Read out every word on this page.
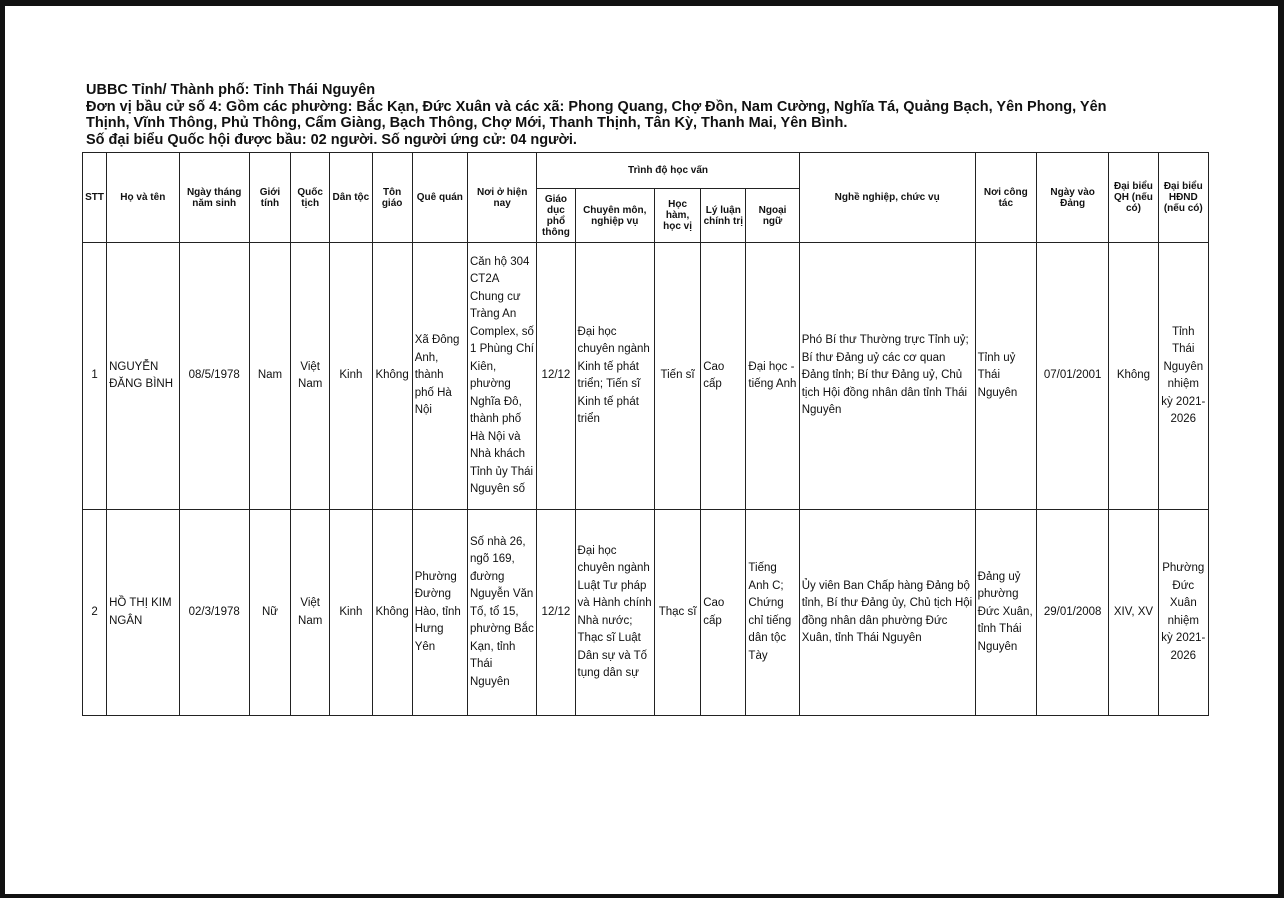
UBBC Tỉnh/ Thành phố: Tỉnh Thái Nguyên
Đơn vị bầu cử số 4: Gồm các phường: Bắc Kạn, Đức Xuân và các xã: Phong Quang, Chợ Đồn, Nam Cường, Nghĩa Tá, Quảng Bạch, Yên Phong, Yên
Thịnh, Vĩnh Thông, Phủ Thông, Cẩm Giàng, Bạch Thông, Chợ Mới, Thanh Thịnh, Tân Kỳ, Thanh Mai, Yên Bình.
Số đại biểu Quốc hội được bầu: 02 người. Số người ứng cử: 04 người.
STT	Họ và tên	Ngày tháng năm sinh	Giới tính	Quốc tịch	Dân tộc	Tôn giáo	Quê quán	Nơi ở hiện nay	Trình độ học vấn					Nghề nghiệp, chức vụ	Nơi công tác	Ngày vào Đảng	Đại biểu QH (nếu có)	Đại biểu HĐND (nếu có)
									Giáo dục phổ thông	Chuyên môn, nghiệp vụ	Học hàm, học vị	Lý luận chính trị	Ngoại ngữ					
1	NGUYỄN ĐĂNG BÌNH	08/5/1978	Nam	Việt Nam	Kinh	Không	Xã Đông Anh, thành phố Hà Nội	Căn hộ 304 CT2A Chung cư Tràng An Complex, số 1 Phùng Chí Kiên, phường Nghĩa Đô, thành phố Hà Nội và Nhà khách Tỉnh ủy Thái Nguyên số	12/12	Đại học chuyên ngành Kinh tế phát triển; Tiến sĩ Kinh tế phát triển	Tiến sĩ	Cao cấp	Đại học - tiếng Anh	Phó Bí thư Thường trực Tỉnh uỷ; Bí thư Đảng uỷ các cơ quan Đảng tỉnh; Bí thư Đảng uỷ, Chủ tịch Hội đồng nhân dân tỉnh Thái Nguyên	Tỉnh uỷ Thái Nguyên	07/01/2001	Không	Tỉnh Thái Nguyên nhiệm kỳ 2021-2026
2	HỒ THỊ KIM NGÂN	02/3/1978	Nữ	Việt Nam	Kinh	Không	Phường Đường Hào, tỉnh Hưng Yên	Số nhà 26, ngõ 169, đường Nguyễn Văn Tố, tổ 15, phường Bắc Kạn, tỉnh Thái Nguyên	12/12	Đại học chuyên ngành Luật Tư pháp và Hành chính Nhà nước; Thạc sĩ Luật Dân sự và Tố tụng dân sự	Thạc sĩ	Cao cấp	Tiếng Anh C; Chứng chỉ tiếng dân tộc Tày	Ủy viên Ban Chấp hàng Đảng bộ tỉnh, Bí thư Đảng ủy, Chủ tịch Hội đồng nhân dân phường Đức Xuân, tỉnh Thái Nguyên	Đảng uỷ phường Đức Xuân, tỉnh Thái Nguyên	29/01/2008	XIV, XV	Phường Đức Xuân nhiệm kỳ 2021-2026
